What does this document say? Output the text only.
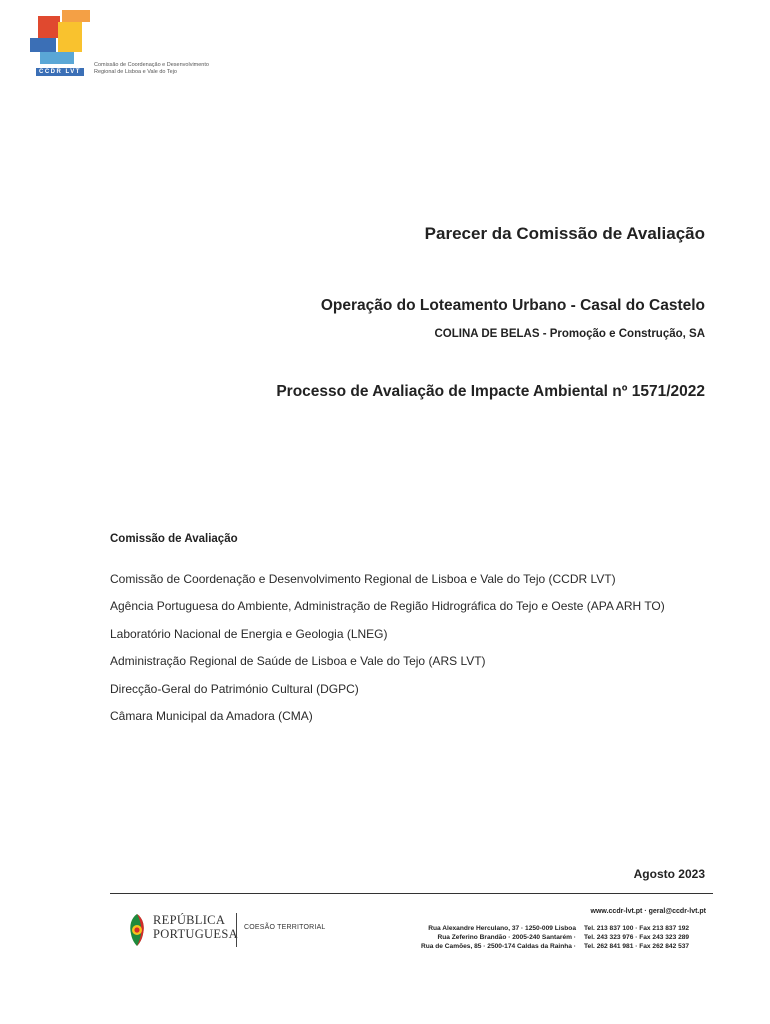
Comissão de Coordenação e Desenvolvimento Regional de Lisboa e Vale do Tejo
CCDR LVT
Parecer da Comissão de Avaliação
Operação do Loteamento Urbano - Casal do Castelo
COLINA DE BELAS - Promoção e Construção, SA
Processo de Avaliação de Impacte Ambiental nº 1571/2022
Comissão de Avaliação
Comissão de Coordenação e Desenvolvimento Regional de Lisboa e Vale do Tejo (CCDR LVT)
Agência Portuguesa do Ambiente, Administração de Região Hidrográfica do Tejo e Oeste (APA ARH TO)
Laboratório Nacional de Energia e Geologia (LNEG)
Administração Regional de Saúde de Lisboa e Vale do Tejo (ARS LVT)
Direcção-Geral do Património Cultural (DGPC)
Câmara Municipal da Amadora (CMA)
Agosto 2023
REPÚBLICA
PORTUGUESA COESÃO TERRITORIAL
www.ccdr-lvt.pt · geral@ccdr-lvt.pt
Rua Alexandre Herculano, 37 · 1250-009 Lisboa Tel. 213 837 100 · Fax 213 837 192
Rua Zeferino Brandão · 2005-240 Santarém · Tel. 243 323 976 · Fax 243 323 289
Rua de Camões, 85 · 2500-174 Caldas da Rainha · Tel. 262 841 981 · Fax 262 842 537
